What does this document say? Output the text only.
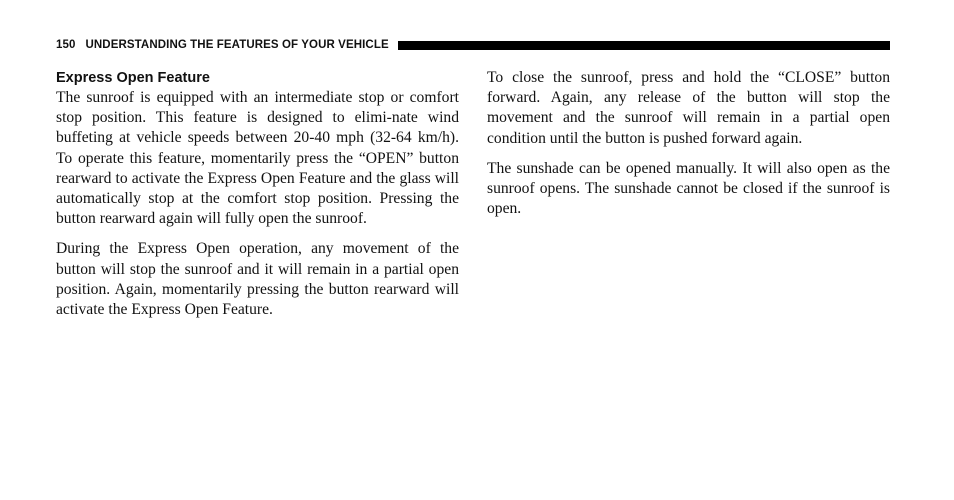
150 UNDERSTANDING THE FEATURES OF YOUR VEHICLE
Express Open Feature

The sunroof is equipped with an intermediate stop or comfort stop position. This feature is designed to elimi-nate wind buffeting at vehicle speeds between 20-40 mph (32-64 km/h). To operate this feature, momentarily press the “OPEN” button rearward to activate the Express Open Feature and the glass will automatically stop at the comfort stop position. Pressing the button rearward again will fully open the sunroof.

During the Express Open operation, any movement of the button will stop the sunroof and it will remain in a partial open position. Again, momentarily pressing the button rearward will activate the Express Open Feature.

To close the sunroof, press and hold the “CLOSE” button forward. Again, any release of the button will stop the movement and the sunroof will remain in a partial open condition until the button is pushed forward again.

The sunshade can be opened manually. It will also open as the sunroof opens. The sunshade cannot be closed if the sunroof is open.
